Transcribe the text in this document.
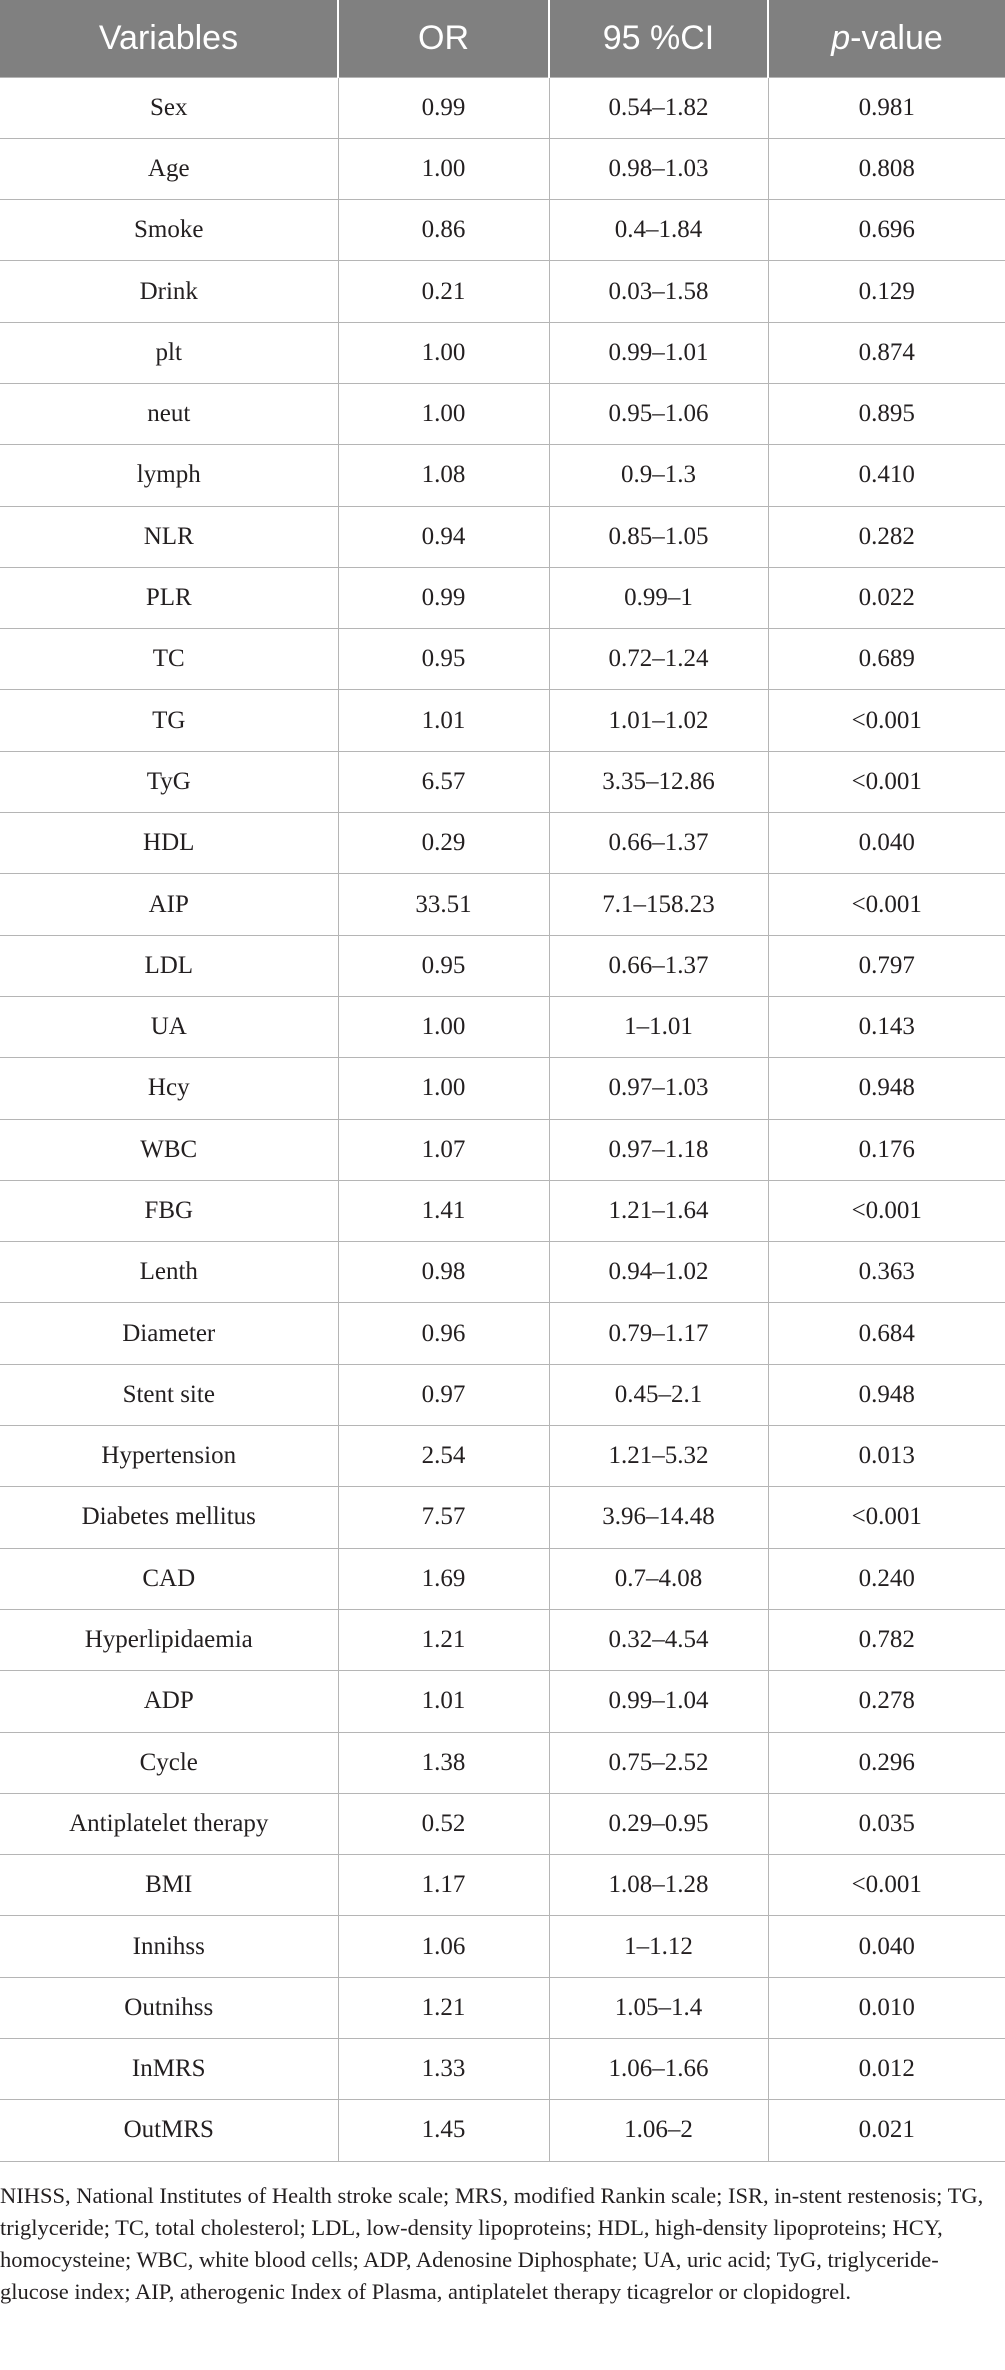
Variables	OR	95 %CI	p-value
Sex	0.99	0.54–1.82	0.981
Age	1.00	0.98–1.03	0.808
Smoke	0.86	0.4–1.84	0.696
Drink	0.21	0.03–1.58	0.129
plt	1.00	0.99–1.01	0.874
neut	1.00	0.95–1.06	0.895
lymph	1.08	0.9–1.3	0.410
NLR	0.94	0.85–1.05	0.282
PLR	0.99	0.99–1	0.022
TC	0.95	0.72–1.24	0.689
TG	1.01	1.01–1.02	<0.001
TyG	6.57	3.35–12.86	<0.001
HDL	0.29	0.66–1.37	0.040
AIP	33.51	7.1–158.23	<0.001
LDL	0.95	0.66–1.37	0.797
UA	1.00	1–1.01	0.143
Hcy	1.00	0.97–1.03	0.948
WBC	1.07	0.97–1.18	0.176
FBG	1.41	1.21–1.64	<0.001
Lenth	0.98	0.94–1.02	0.363
Diameter	0.96	0.79–1.17	0.684
Stent site	0.97	0.45–2.1	0.948
Hypertension	2.54	1.21–5.32	0.013
Diabetes mellitus	7.57	3.96–14.48	<0.001
CAD	1.69	0.7–4.08	0.240
Hyperlipidaemia	1.21	0.32–4.54	0.782
ADP	1.01	0.99–1.04	0.278
Cycle	1.38	0.75–2.52	0.296
Antiplatelet therapy	0.52	0.29–0.95	0.035
BMI	1.17	1.08–1.28	<0.001
Innihss	1.06	1–1.12	0.040
Outnihss	1.21	1.05–1.4	0.010
InMRS	1.33	1.06–1.66	0.012
OutMRS	1.45	1.06–2	0.021

NIHSS, National Institutes of Health stroke scale; MRS, modified Rankin scale; ISR, in-stent restenosis; TG, triglyceride; TC, total cholesterol; LDL, low-density lipoproteins; HDL, high-density lipoproteins; HCY, homocysteine; WBC, white blood cells; ADP, Adenosine Diphosphate; UA, uric acid; TyG, triglyceride-glucose index; AIP, atherogenic Index of Plasma, antiplatelet therapy ticagrelor or clopidogrel.
